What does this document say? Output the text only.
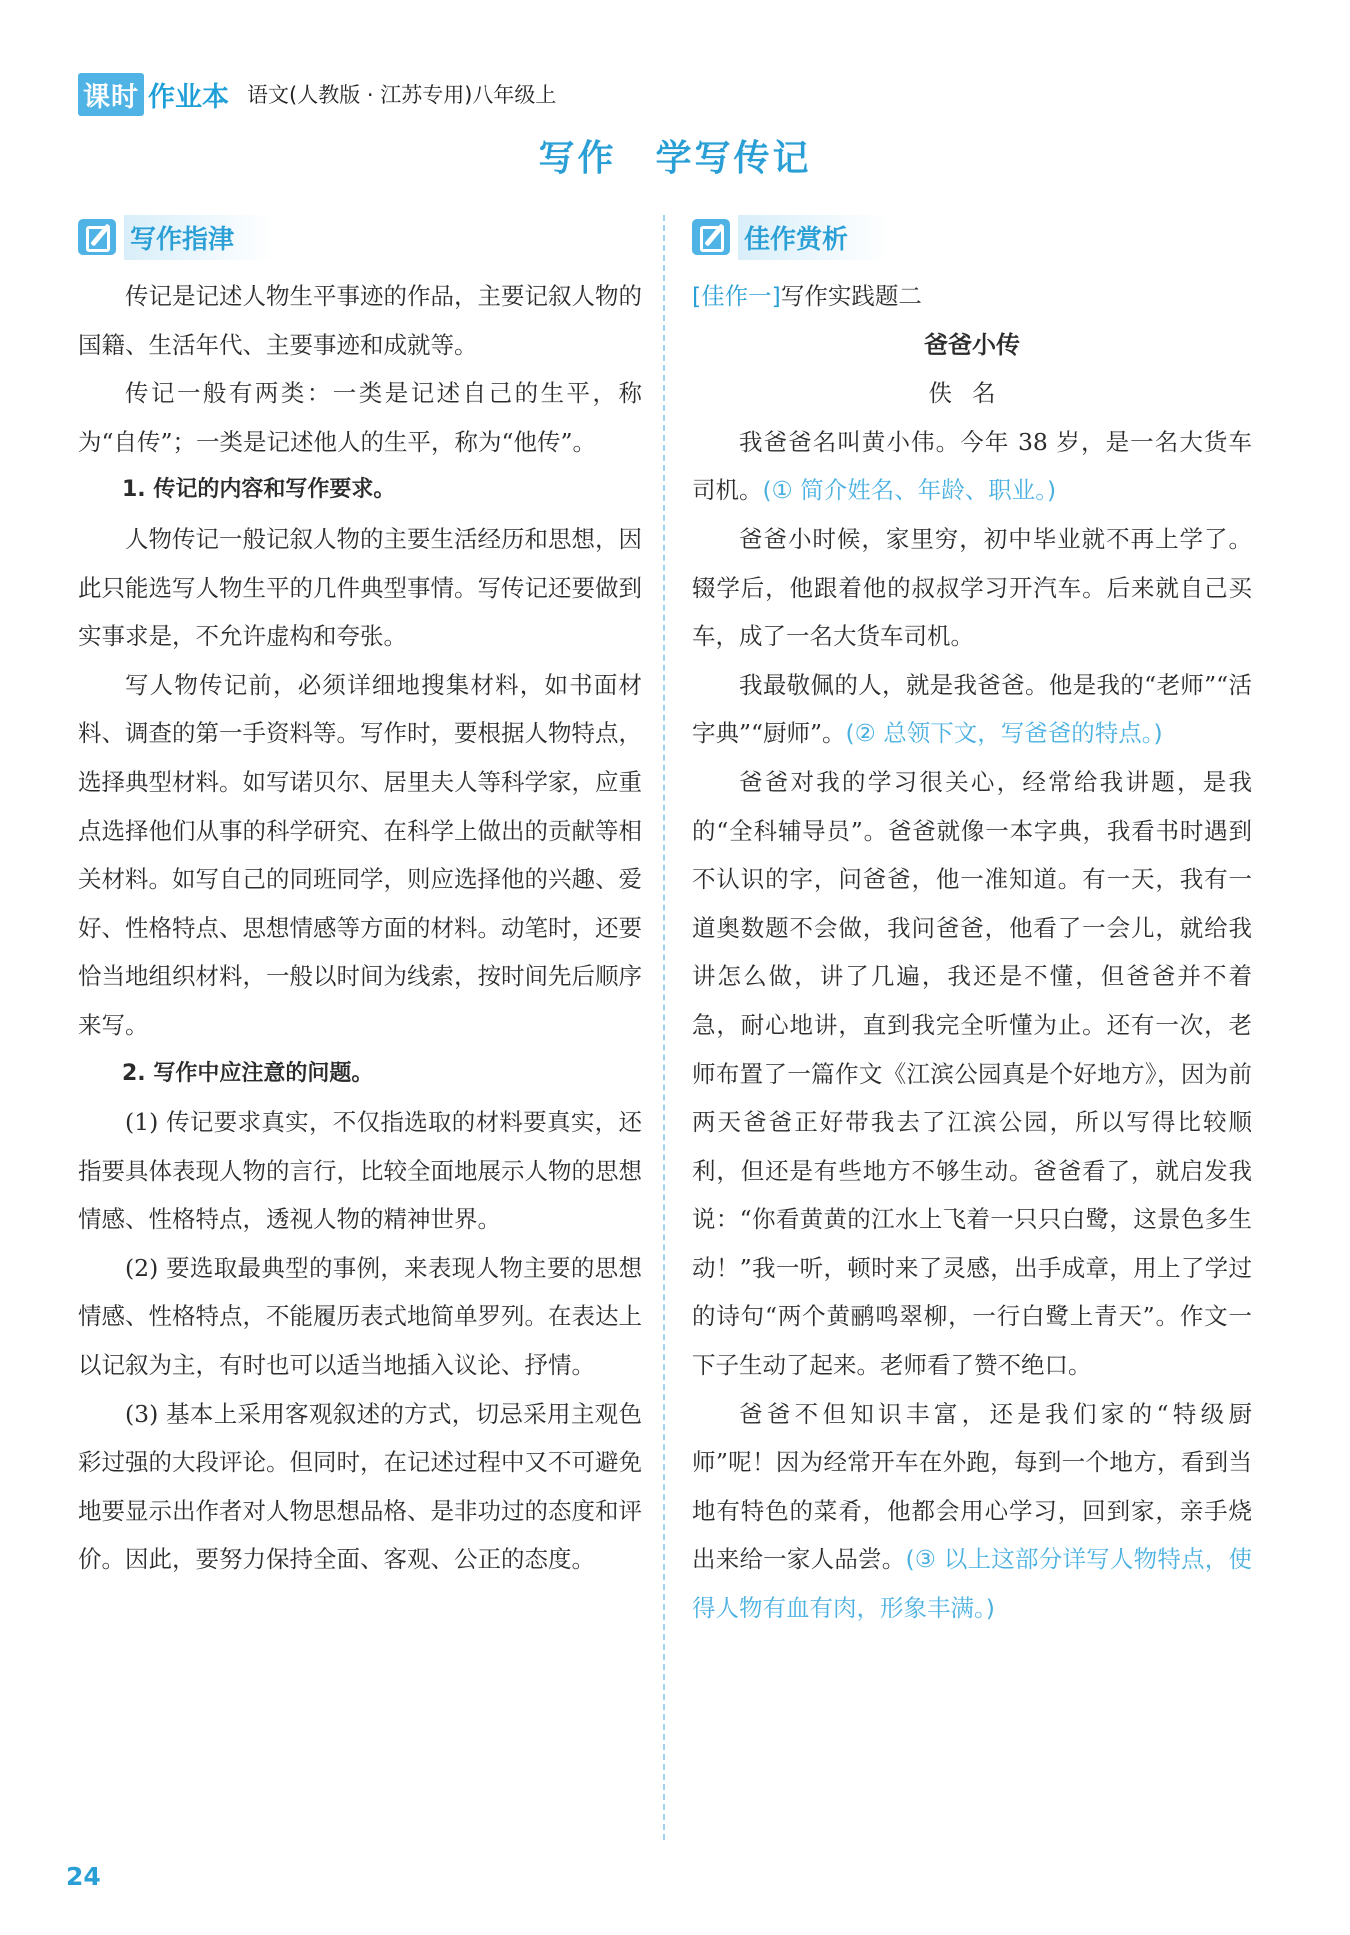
课时 作业本 语文(人教版 · 江苏专用)八年级上
写作　学写传记
写作指津

传记是记述人物生平事迹的作品，主要记叙人物的国籍、生活年代、主要事迹和成就等。

传记一般有两类：一类是记述自己的生平，称为“自传”；一类是记述他人的生平，称为“他传”。

1. 传记的内容和写作要求。

人物传记一般记叙人物的主要生活经历和思想，因此只能选写人物生平的几件典型事情。写传记还要做到实事求是，不允许虚构和夸张。

写人物传记前，必须详细地搜集材料，如书面材料、调查的第一手资料等。写作时，要根据人物特点，选择典型材料。如写诺贝尔、居里夫人等科学家，应重点选择他们从事的科学研究、在科学上做出的贡献等相关材料。如写自己的同班同学，则应选择他的兴趣、爱好、性格特点、思想情感等方面的材料。动笔时，还要恰当地组织材料，一般以时间为线索，按时间先后顺序来写。

2. 写作中应注意的问题。

(1) 传记要求真实，不仅指选取的材料要真实，还指要具体表现人物的言行，比较全面地展示人物的思想情感、性格特点，透视人物的精神世界。

(2) 要选取最典型的事例，来表现人物主要的思想情感、性格特点，不能履历表式地简单罗列。在表达上以记叙为主，有时也可以适当地插入议论、抒情。

(3) 基本上采用客观叙述的方式，切忌采用主观色彩过强的大段评论。但同时，在记述过程中又不可避免地要显示出作者对人物思想品格、是非功过的态度和评价。因此，要努力保持全面、客观、公正的态度。

佳作赏析

[佳作一]写作实践题二

爸爸小传
佚名

我爸爸名叫黄小伟。今年 38 岁，是一名大货车司机。(① 简介姓名、年龄、职业。)

爸爸小时候，家里穷，初中毕业就不再上学了。辍学后，他跟着他的叔叔学习开汽车。后来就自己买车，成了一名大货车司机。

我最敬佩的人，就是我爸爸。他是我的“老师”“活字典”“厨师”。(② 总领下文，写爸爸的特点。)

爸爸对我的学习很关心，经常给我讲题，是我的“全科辅导员”。爸爸就像一本字典，我看书时遇到不认识的字，问爸爸，他一准知道。有一天，我有一道奥数题不会做，我问爸爸，他看了一会儿，就给我讲怎么做，讲了几遍，我还是不懂，但爸爸并不着急，耐心地讲，直到我完全听懂为止。还有一次，老师布置了一篇作文《江滨公园真是个好地方》，因为前两天爸爸正好带我去了江滨公园，所以写得比较顺利，但还是有些地方不够生动。爸爸看了，就启发我说：“你看黄黄的江水上飞着一只只白鹭，这景色多生动！”我一听，顿时来了灵感，出手成章，用上了学过的诗句“两个黄鹂鸣翠柳，一行白鹭上青天”。作文一下子生动了起来。老师看了赞不绝口。

爸爸不但知识丰富，还是我们家的“特级厨师”呢！因为经常开车在外跑，每到一个地方，看到当地有特色的菜肴，他都会用心学习，回到家，亲手烧出来给一家人品尝。(③ 以上这部分详写人物特点，使得人物有血有肉，形象丰满。)

24
